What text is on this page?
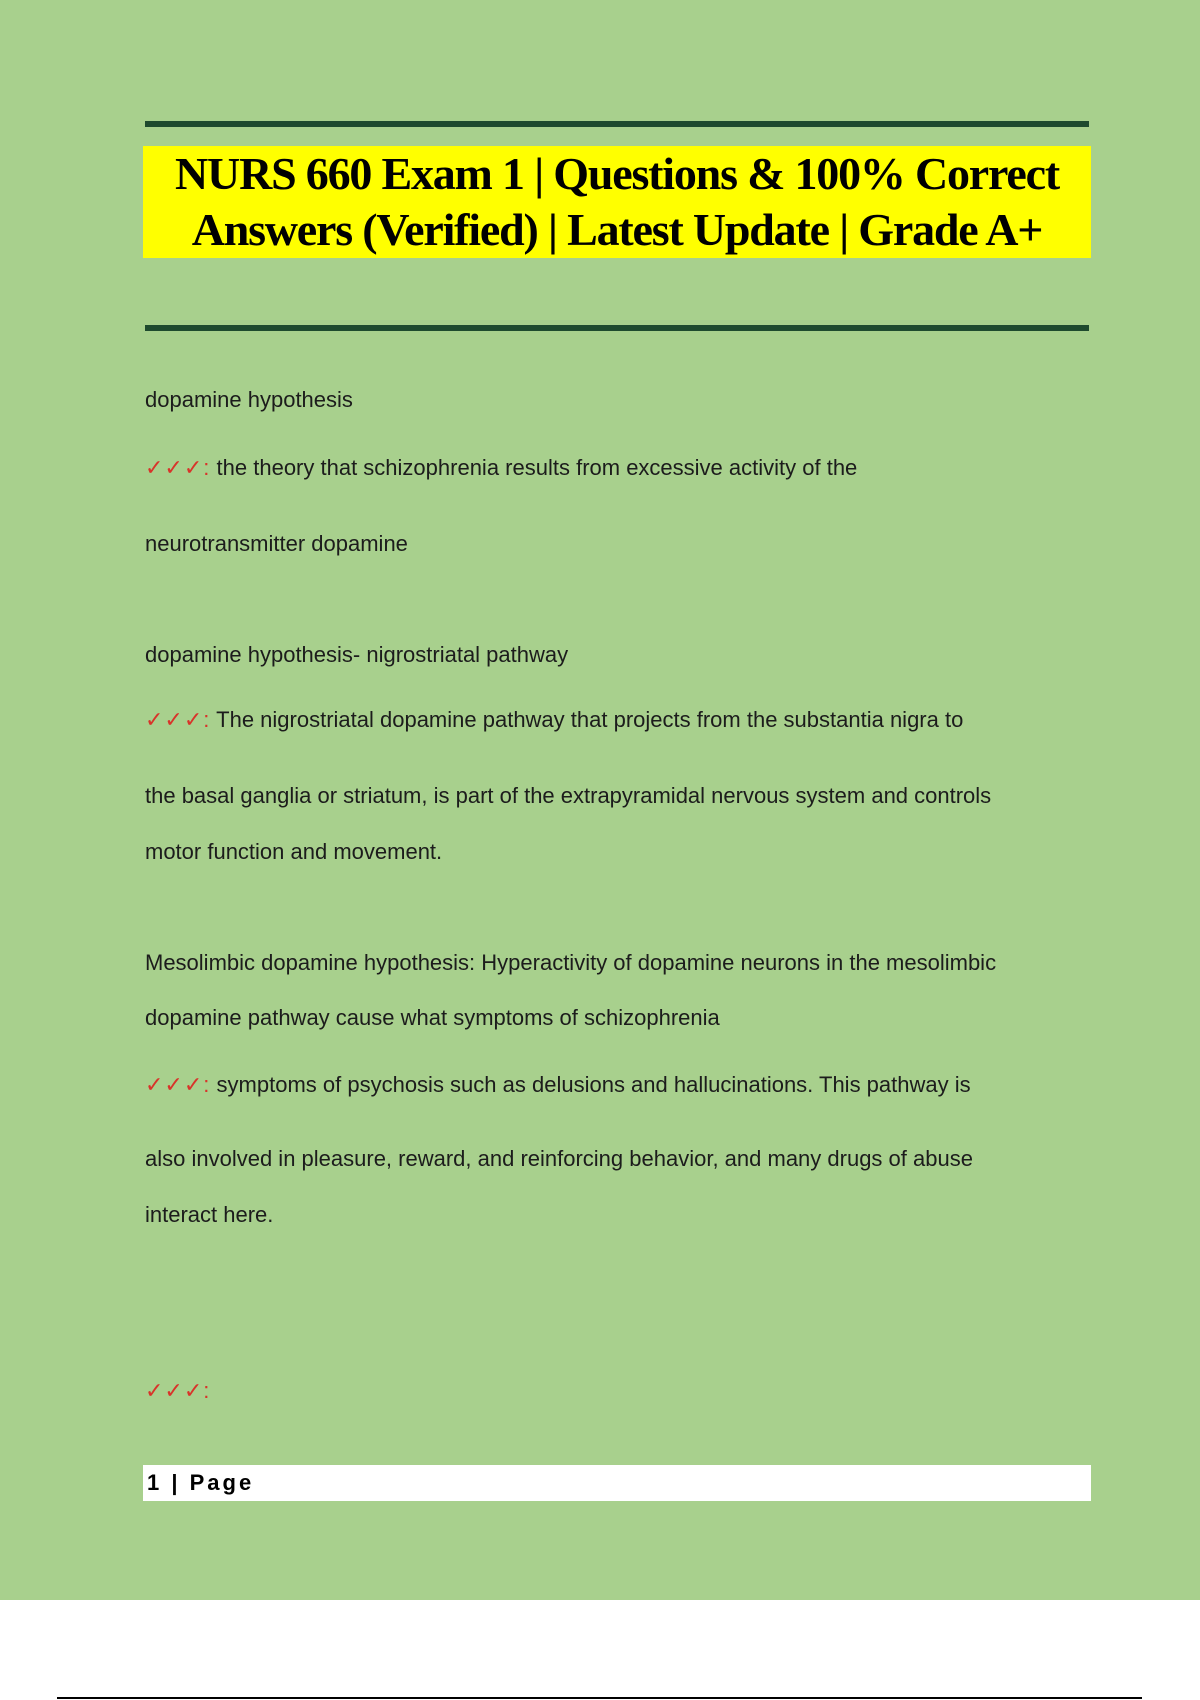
NURS 660 Exam 1 | Questions & 100% Correct
Answers (Verified) | Latest Update | Grade A+
dopamine hypothesis
✓✓✓: the theory that schizophrenia results from excessive activity of the
neurotransmitter dopamine
dopamine hypothesis- nigrostriatal pathway
✓✓✓: The nigrostriatal dopamine pathway that projects from the substantia nigra to
the basal ganglia or striatum, is part of the extrapyramidal nervous system and controls
motor function and movement.
Mesolimbic dopamine hypothesis: Hyperactivity of dopamine neurons in the mesolimbic
dopamine pathway cause what symptoms of schizophrenia
✓✓✓: symptoms of psychosis such as delusions and hallucinations. This pathway is
also involved in pleasure, reward, and reinforcing behavior, and many drugs of abuse
interact here.
✓✓✓:
1 | Page
